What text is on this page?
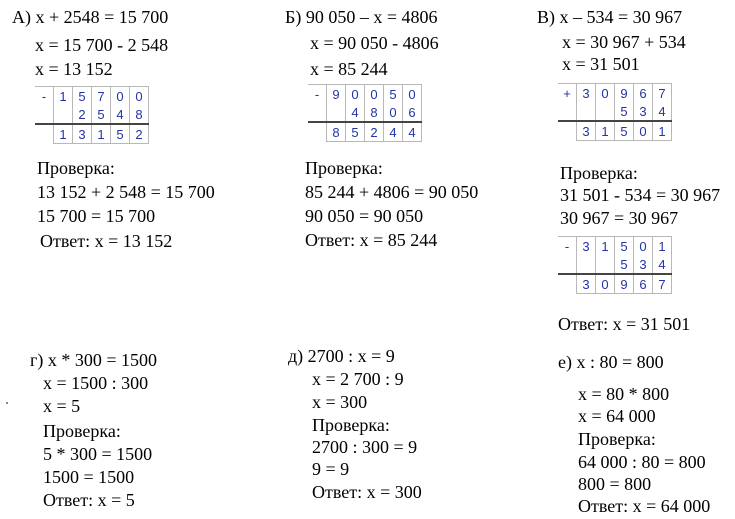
А) x + 2548 = 15 700
x = 15 700 - 2 548
x = 13 152
-	1	5	7	0	0
		2	5	4	8
	1	3	1	5	2
Проверка:
13 152 + 2 548 = 15 700
15 700 = 15 700
Ответ: x = 13 152
Б) 90 050 – x = 4806
x = 90 050 - 4806
x = 85 244
-	9	0	0	5	0
		4	8	0	6
	8	5	2	4	4
Проверка:
85 244 + 4806 = 90 050
90 050 = 90 050
Ответ: x = 85 244
В) x – 534 = 30 967
x = 30 967 + 534
x = 31 501
+	3	0	9	6	7
			5	3	4
	3	1	5	0	1
Проверка:
31 501 - 534 = 30 967
30 967 = 30 967
-	3	1	5	0	1
			5	3	4
	3	0	9	6	7
Ответ: x = 31 501
г) x * 300 = 1500
x = 1500 : 300
x = 5
Проверка:
5 * 300 = 1500
1500 = 1500
Ответ: x = 5
д) 2700 : x = 9
x = 2 700 : 9
x = 300
Проверка:
2700 : 300 = 9
9 = 9
Ответ: x = 300
е) x : 80 = 800
x = 80 * 800
x = 64 000
Проверка:
64 000 : 80 = 800
800 = 800
Ответ: x = 64 000
